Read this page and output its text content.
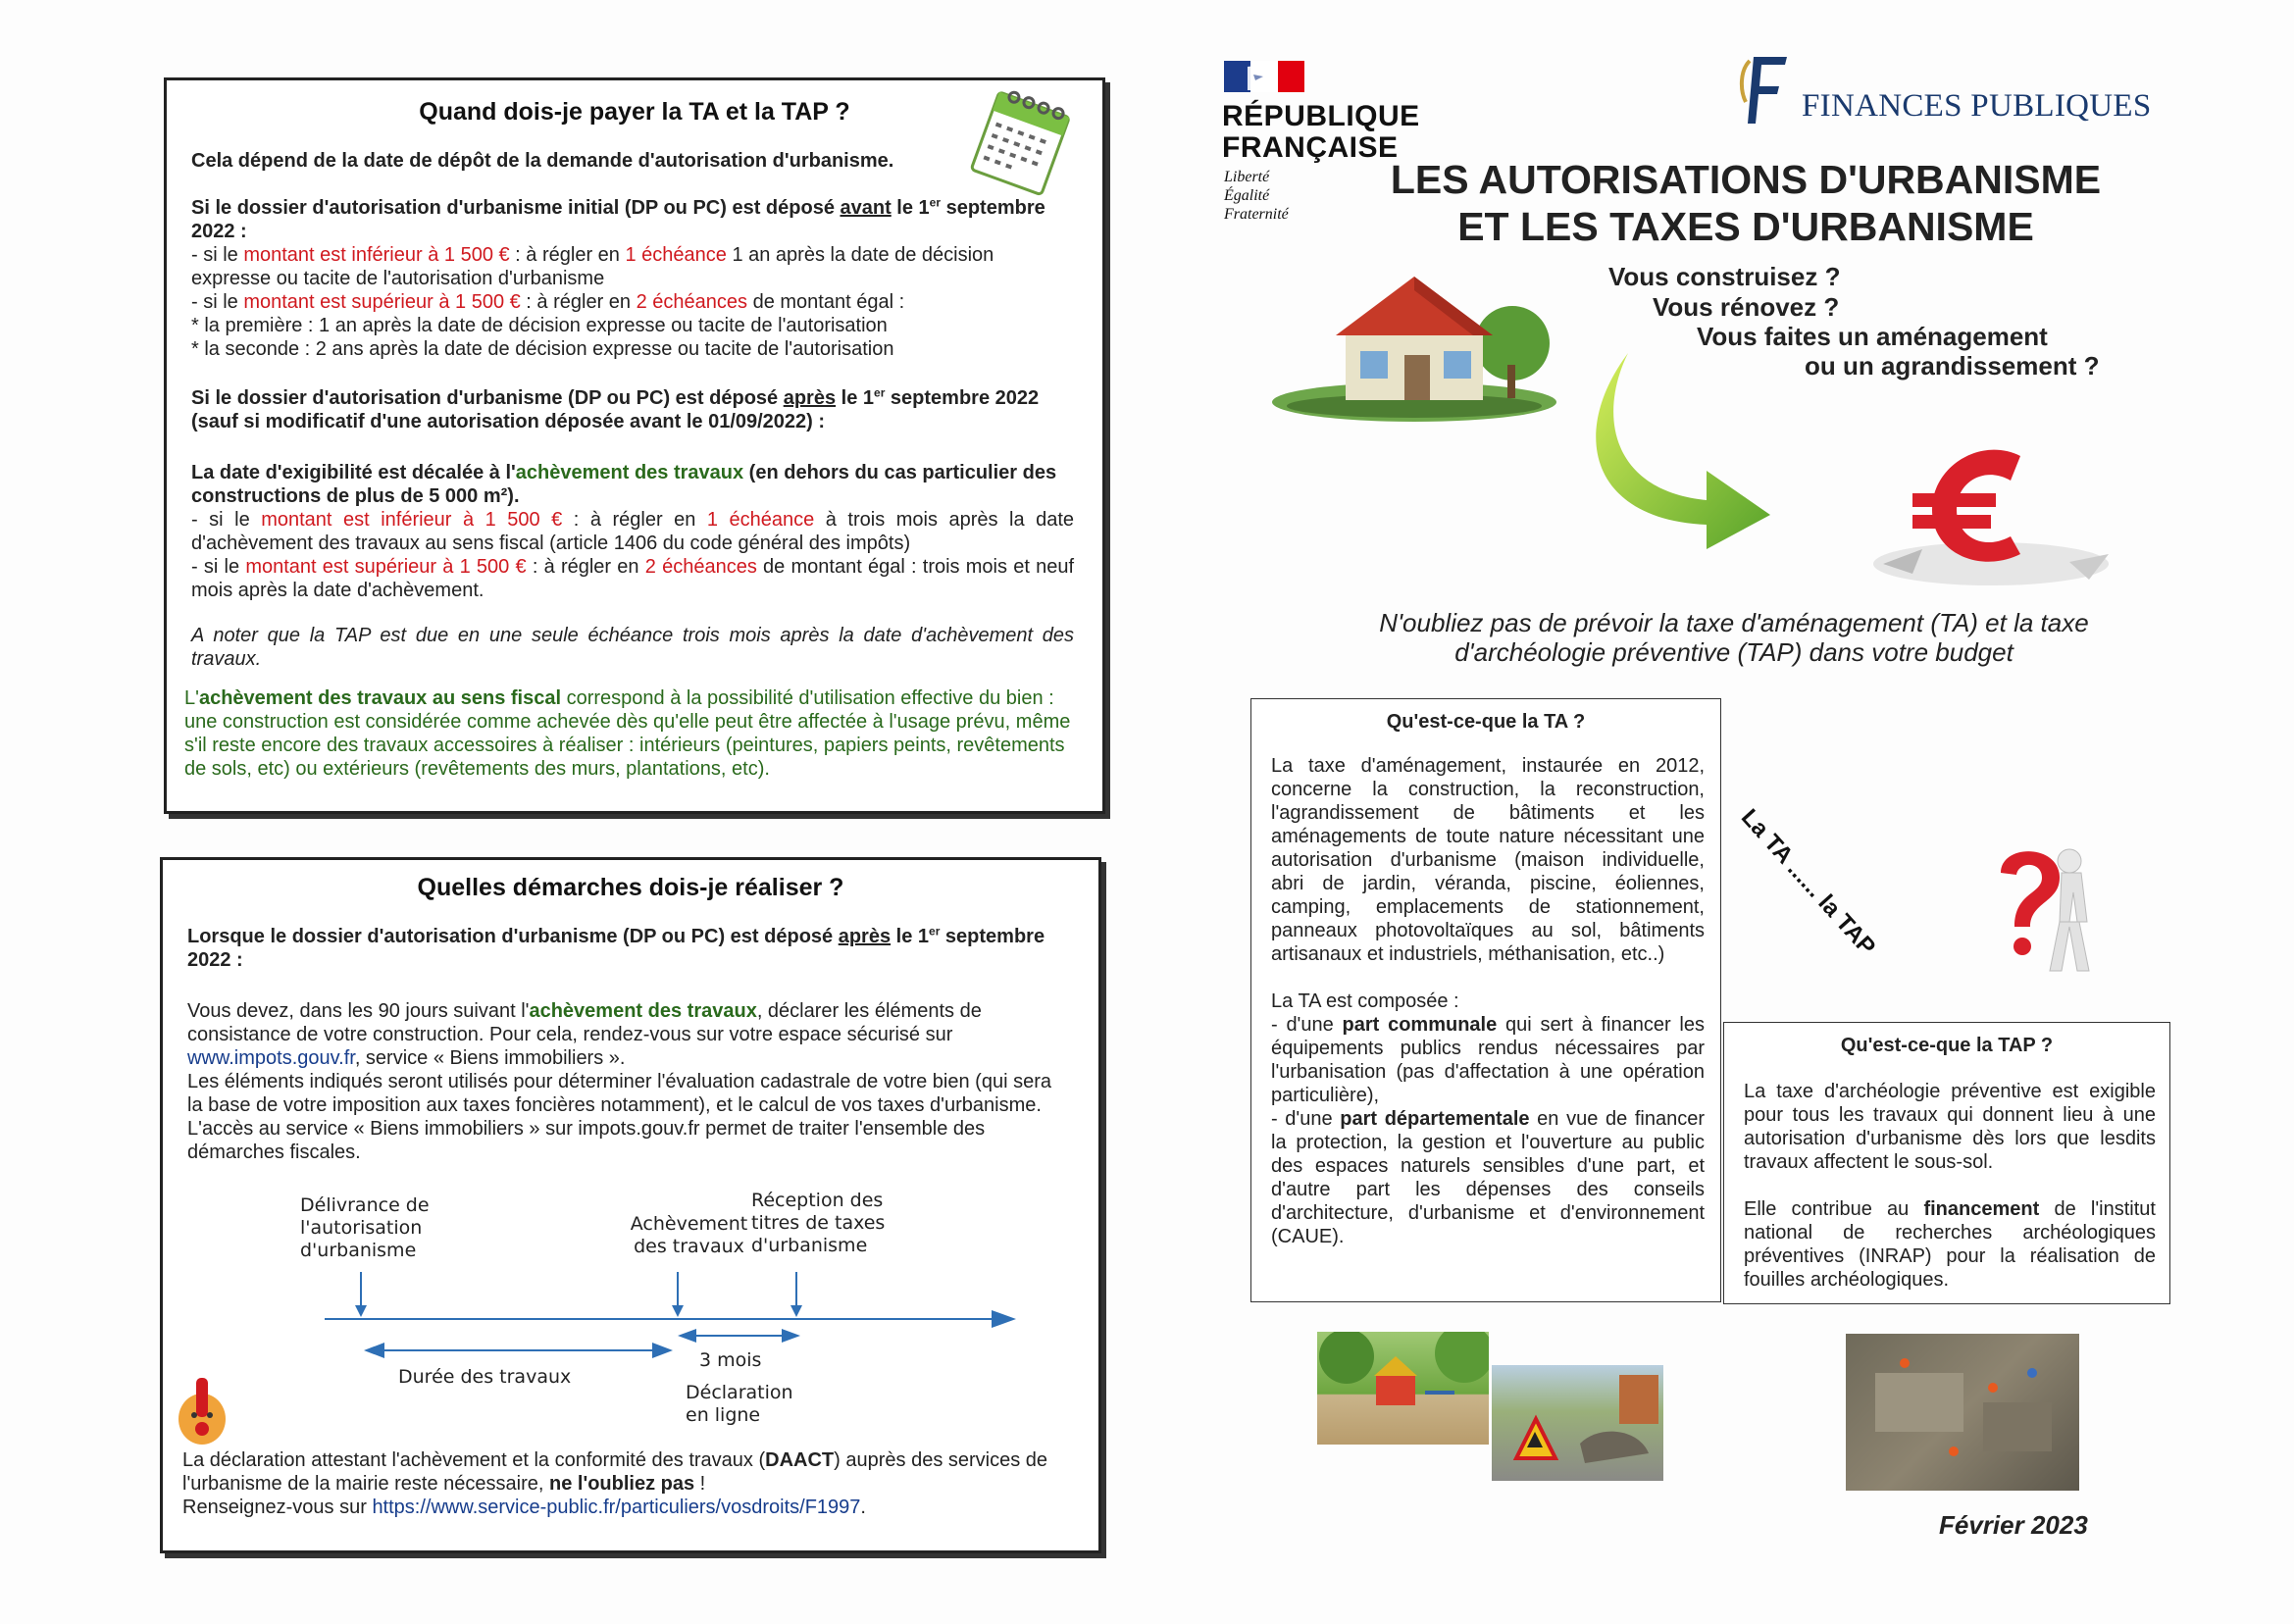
Quand dois-je payer la TA et la TAP ?

Cela dépend de la date de dépôt de la demande d'autorisation d'urbanisme.

Si le dossier d'autorisation d'urbanisme initial (DP ou PC) est déposé avant le 1er septembre 2022 :

- si le montant est inférieur à 1 500 € : à régler en 1 échéance 1 an après la date de décision expresse ou tacite de l'autorisation d'urbanisme

- si le montant est supérieur à 1 500 € : à régler en 2 échéances de montant égal :

* la première : 1 an après la date de décision expresse ou tacite de l'autorisation

* la seconde : 2 ans après la date de décision expresse ou tacite de l'autorisation

Si le dossier d'autorisation d'urbanisme (DP ou PC) est déposé après le 1er septembre 2022 (sauf si modificatif d'une autorisation déposée avant le 01/09/2022) :

La date d'exigibilité est décalée à l'achèvement des travaux (en dehors du cas particulier des constructions de plus de 5 000 m²).

- si le montant est inférieur à 1 500 € : à régler en 1 échéance à trois mois après la date d'achèvement des travaux au sens fiscal (article 1406 du code général des impôts)

- si le montant est supérieur à 1 500 € : à régler en 2 échéances de montant égal : trois mois et neuf mois après la date d'achèvement.

A noter que la TAP est due en une seule échéance trois mois après la date d'achèvement des travaux.

L'achèvement des travaux au sens fiscal correspond à la possibilité d'utilisation effective du bien : une construction est considérée comme achevée dès qu'elle peut être affectée à l'usage prévu, même s'il reste encore des travaux accessoires à réaliser : intérieurs (peintures, papiers peints, revêtements de sols, etc) ou extérieurs (revêtements des murs, plantations, etc).

Quelles démarches dois-je réaliser ?

Lorsque le dossier d'autorisation d'urbanisme (DP ou PC) est déposé après le 1er septembre 2022 :

Vous devez, dans les 90 jours suivant l'achèvement des travaux, déclarer les éléments de consistance de votre construction. Pour cela, rendez-vous sur votre espace sécurisé sur www.impots.gouv.fr, service « Biens immobiliers ».

Les éléments indiqués seront utilisés pour déterminer l'évaluation cadastrale de votre bien (qui sera la base de votre imposition aux taxes foncières notamment), et le calcul de vos taxes d'urbanisme.

L'accès au service « Biens immobiliers » sur impots.gouv.fr permet de traiter l'ensemble des démarches fiscales.

Délivrance de l'autorisation d'urbanisme
Achèvement des travaux
Réception des titres de taxes d'urbanisme
Durée des travaux
3 mois
Déclaration en ligne

La déclaration attestant l'achèvement et la conformité des travaux (DAACT) auprès des services de l'urbanisme de la mairie reste nécessaire, ne l'oubliez pas !

Renseignez-vous sur https://www.service-public.fr/particuliers/vosdroits/F1997.

RÉPUBLIQUE
FRANÇAISE
Liberté
Égalité
Fraternité
FINANCES PUBLIQUES
LES AUTORISATIONS D'URBANISME
ET LES TAXES D'URBANISME
Vous construisez ?
Vous rénovez ?
Vous faites un aménagement
ou un agrandissement ?
N'oubliez pas de prévoir la taxe d'aménagement (TA) et la taxe d'archéologie préventive (TAP) dans votre budget
Qu'est-ce-que la TA ?

La taxe d'aménagement, instaurée en 2012, concerne la construction, la reconstruction, l'agrandissement de bâtiments et les aménagements de toute nature nécessitant une autorisation d'urbanisme (maison individuelle, abri de jardin, véranda, piscine, éoliennes, camping, emplacements de stationnement, panneaux photovoltaïques au sol, bâtiments artisanaux et industriels, méthanisation, etc..)

La TA est composée :

- d'une part communale qui sert à financer les équipements publics rendus nécessaires par l'urbanisation (pas d'affectation à une opération particulière),

- d'une part départementale en vue de financer la protection, la gestion et l'ouverture au public des espaces naturels sensibles d'une part, et d'autre part les dépenses des conseils d'architecture, d'urbanisme et d'environnement (CAUE).

La TA ...... la TAP
Qu'est-ce-que la TAP ?

La taxe d'archéologie préventive est exigible pour tous les travaux qui donnent lieu à une autorisation d'urbanisme dès lors que lesdits travaux affectent le sous-sol.

Elle contribue au financement de l'institut national de recherches archéologiques préventives (INRAP) pour la réalisation de fouilles archéologiques.

Février 2023
